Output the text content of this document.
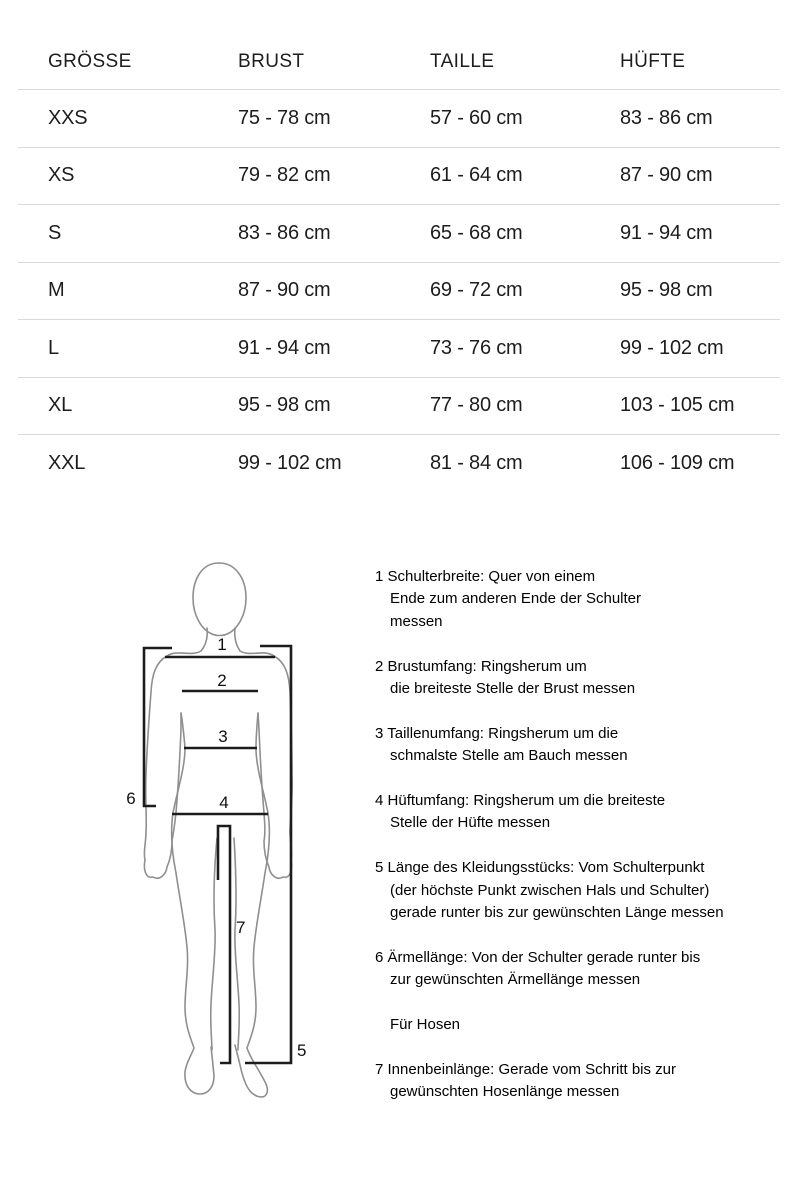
GRÖSSE	BRUST	TAILLE	HÜFTE
XXS	75 - 78 cm	57 - 60 cm	83 - 86 cm
XS	79 - 82 cm	61 - 64 cm	87 - 90 cm
S	83 - 86 cm	65 - 68 cm	91 - 94 cm
M	87 - 90 cm	69 - 72 cm	95 - 98 cm
L	91 - 94 cm	73 - 76 cm	99 - 102 cm
XL	95 - 98 cm	77 - 80 cm	103 - 105 cm
XXL	99 - 102 cm	81 - 84 cm	106 - 109 cm
1
2
3
4
6
7
5
1 Schulterbreite: Quer von einem
Ende zum anderen Ende der Schulter
messen
2 Brustumfang: Ringsherum um
die breiteste Stelle der Brust messen
3 Taillenumfang: Ringsherum um die
schmalste Stelle am Bauch messen
4 Hüftumfang: Ringsherum um die breiteste
Stelle der Hüfte messen
5 Länge des Kleidungsstücks: Vom Schulterpunkt
(der höchste Punkt zwischen Hals und Schulter)
gerade runter bis zur gewünschten Länge messen
6 Ärmellänge: Von der Schulter gerade runter bis
zur gewünschten Ärmellänge messen
Für Hosen
7 Innenbeinlänge: Gerade vom Schritt bis zur
gewünschten Hosenlänge messen
